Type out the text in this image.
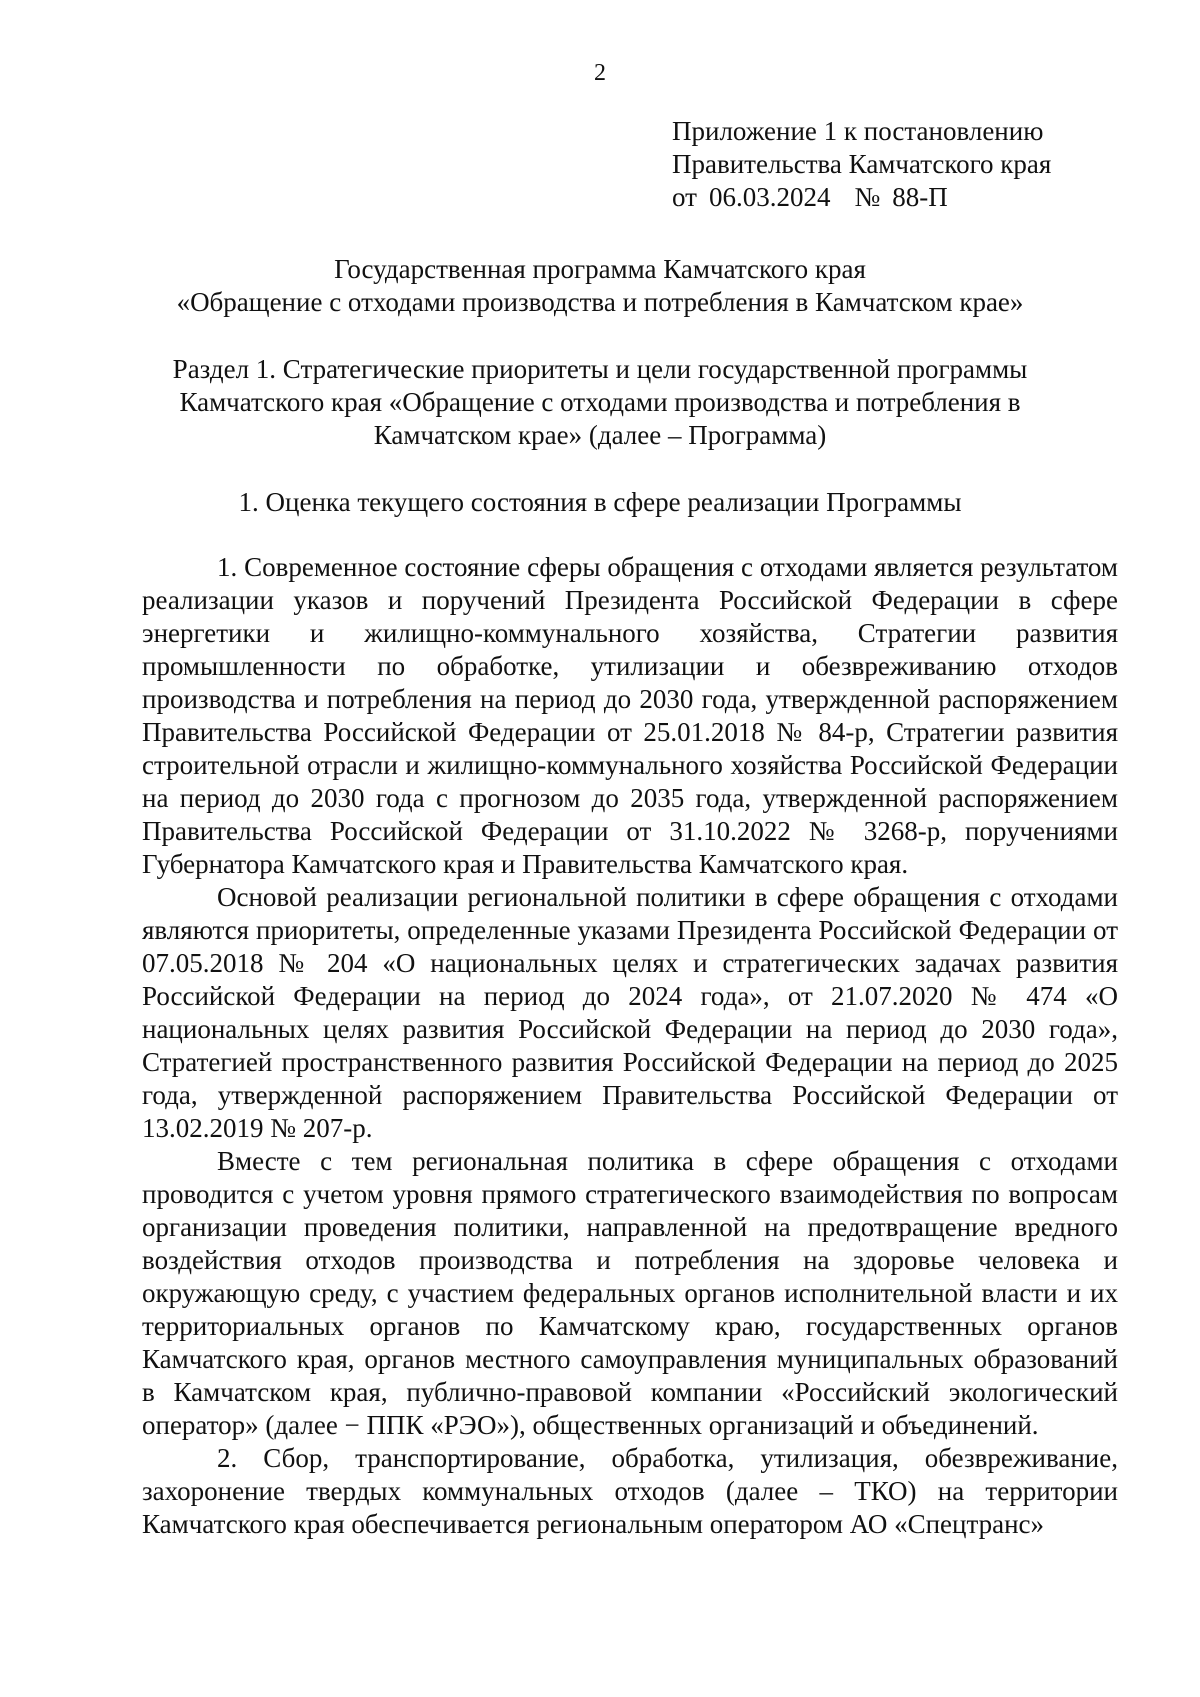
2
Приложение 1 к постановлению
Правительства Камчатского края
от 06.03.2024 № 88-П
Государственная программа Камчатского края
«Обращение с отходами производства и потребления в Камчатском крае»
Раздел 1. Стратегические приоритеты и цели государственной программы
Камчатского края «Обращение с отходами производства и потребления в
Камчатском крае» (далее – Программа)
1. Оценка текущего состояния в сфере реализации Программы

1. Современное состояние сферы обращения с отходами является результатом реализации указов и поручений Президента Российской Федерации в сфере энергетики и жилищно-коммунального хозяйства, Стратегии развития промышленности по обработке, утилизации и обезвреживанию отходов производства и потребления на период до 2030 года, утвержденной распоряжением Правительства Российской Федерации от 25.01.2018 № 84-р, Стратегии развития строительной отрасли и жилищно-коммунального хозяйства Российской Федерации на период до 2030 года с прогнозом до 2035 года, утвержденной распоряжением Правительства Российской Федерации от 31.10.2022 № 3268-р, поручениями Губернатора Камчатского края и Правительства Камчатского края.

Основой реализации региональной политики в сфере обращения с отходами являются приоритеты, определенные указами Президента Российской Федерации от 07.05.2018 № 204 «О национальных целях и стратегических задачах развития Российской Федерации на период до 2024 года», от 21.07.2020 № 474 «О национальных целях развития Российской Федерации на период до 2030 года», Стратегией пространственного развития Российской Федерации на период до 2025 года, утвержденной распоряжением Правительства Российской Федерации от 13.02.2019 № 207-р.

Вместе с тем региональная политика в сфере обращения с отходами проводится с учетом уровня прямого стратегического взаимодействия по вопросам организации проведения политики, направленной на предотвращение вредного воздействия отходов производства и потребления на здоровье человека и окружающую среду, с участием федеральных органов исполнительной власти и их территориальных органов по Камчатскому краю, государственных органов Камчатского края, органов местного самоуправления муниципальных образований в Камчатском края, публично-правовой компании «Российский экологический оператор» (далее − ППК «РЭО»), общественных организаций и объединений.

2. Сбор, транспортирование, обработка, утилизация, обезвреживание, захоронение твердых коммунальных отходов (далее – ТКО) на территории Камчатского края обеспечивается региональным оператором АО «Спецтранс»
